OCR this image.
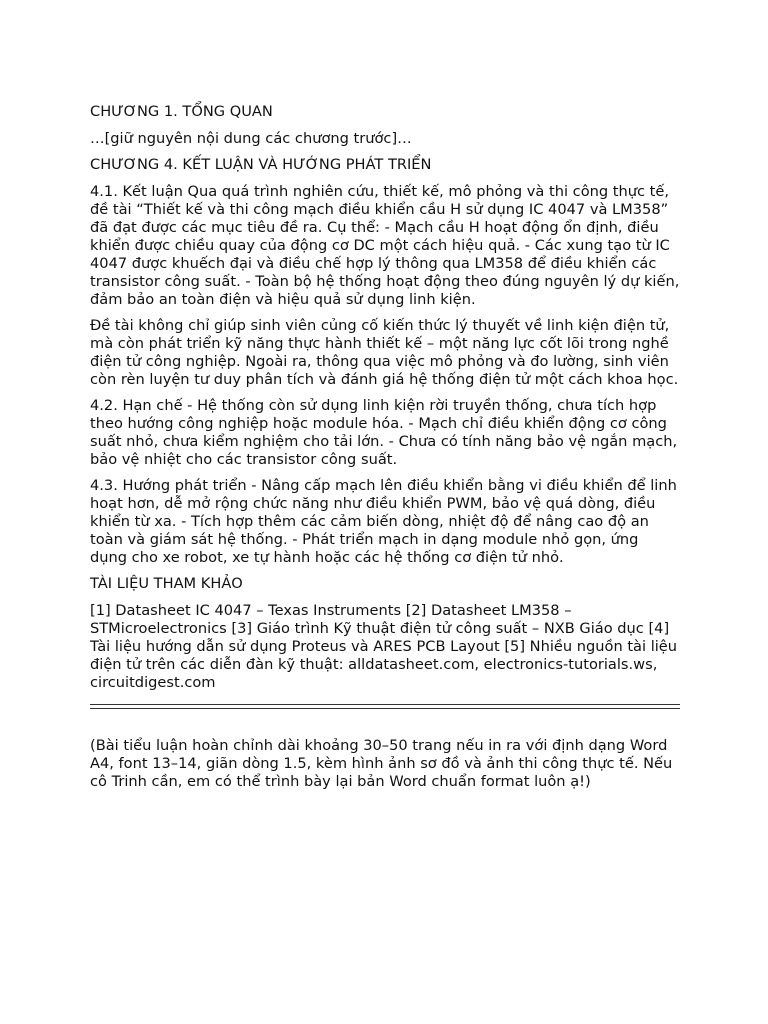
CHƯƠNG 1. TỔNG QUAN

…[giữ nguyên nội dung các chương trước]…

CHƯƠNG 4. KẾT LUẬN VÀ HƯỚNG PHÁT TRIỂN

4.1. Kết luận Qua quá trình nghiên cứu, thiết kế, mô phỏng và thi công thực tế, đề tài “Thiết kế và thi công mạch điều khiển cầu H sử dụng IC 4047 và LM358” đã đạt được các mục tiêu đề ra. Cụ thể: - Mạch cầu H hoạt động ổn định, điều khiển được chiều quay của động cơ DC một cách hiệu quả. - Các xung tạo từ IC 4047 được khuếch đại và điều chế hợp lý thông qua LM358 để điều khiển các transistor công suất. - Toàn bộ hệ thống hoạt động theo đúng nguyên lý dự kiến, đảm bảo an toàn điện và hiệu quả sử dụng linh kiện.

Đề tài không chỉ giúp sinh viên củng cố kiến thức lý thuyết về linh kiện điện tử, mà còn phát triển kỹ năng thực hành thiết kế – một năng lực cốt lõi trong nghề điện tử công nghiệp. Ngoài ra, thông qua việc mô phỏng và đo lường, sinh viên còn rèn luyện tư duy phân tích và đánh giá hệ thống điện tử một cách khoa học.

4.2. Hạn chế - Hệ thống còn sử dụng linh kiện rời truyền thống, chưa tích hợp theo hướng công nghiệp hoặc module hóa. - Mạch chỉ điều khiển động cơ công suất nhỏ, chưa kiểm nghiệm cho tải lớn. - Chưa có tính năng bảo vệ ngắn mạch, bảo vệ nhiệt cho các transistor công suất.

4.3. Hướng phát triển - Nâng cấp mạch lên điều khiển bằng vi điều khiển để linh hoạt hơn, dễ mở rộng chức năng như điều khiển PWM, bảo vệ quá dòng, điều khiển từ xa. - Tích hợp thêm các cảm biến dòng, nhiệt độ để nâng cao độ an toàn và giám sát hệ thống. - Phát triển mạch in dạng module nhỏ gọn, ứng dụng cho xe robot, xe tự hành hoặc các hệ thống cơ điện tử nhỏ.

TÀI LIỆU THAM KHẢO

[1] Datasheet IC 4047 – Texas Instruments [2] Datasheet LM358 – STMicroelectronics [3] Giáo trình Kỹ thuật điện tử công suất – NXB Giáo dục [4] Tài liệu hướng dẫn sử dụng Proteus và ARES PCB Layout [5] Nhiều nguồn tài liệu điện tử trên các diễn đàn kỹ thuật: alldatasheet.com, electronics-tutorials.ws, circuitdigest.com

(Bài tiểu luận hoàn chỉnh dài khoảng 30–50 trang nếu in ra với định dạng Word A4, font 13–14, giãn dòng 1.5, kèm hình ảnh sơ đồ và ảnh thi công thực tế. Nếu cô Trinh cần, em có thể trình bày lại bản Word chuẩn format luôn ạ!)
